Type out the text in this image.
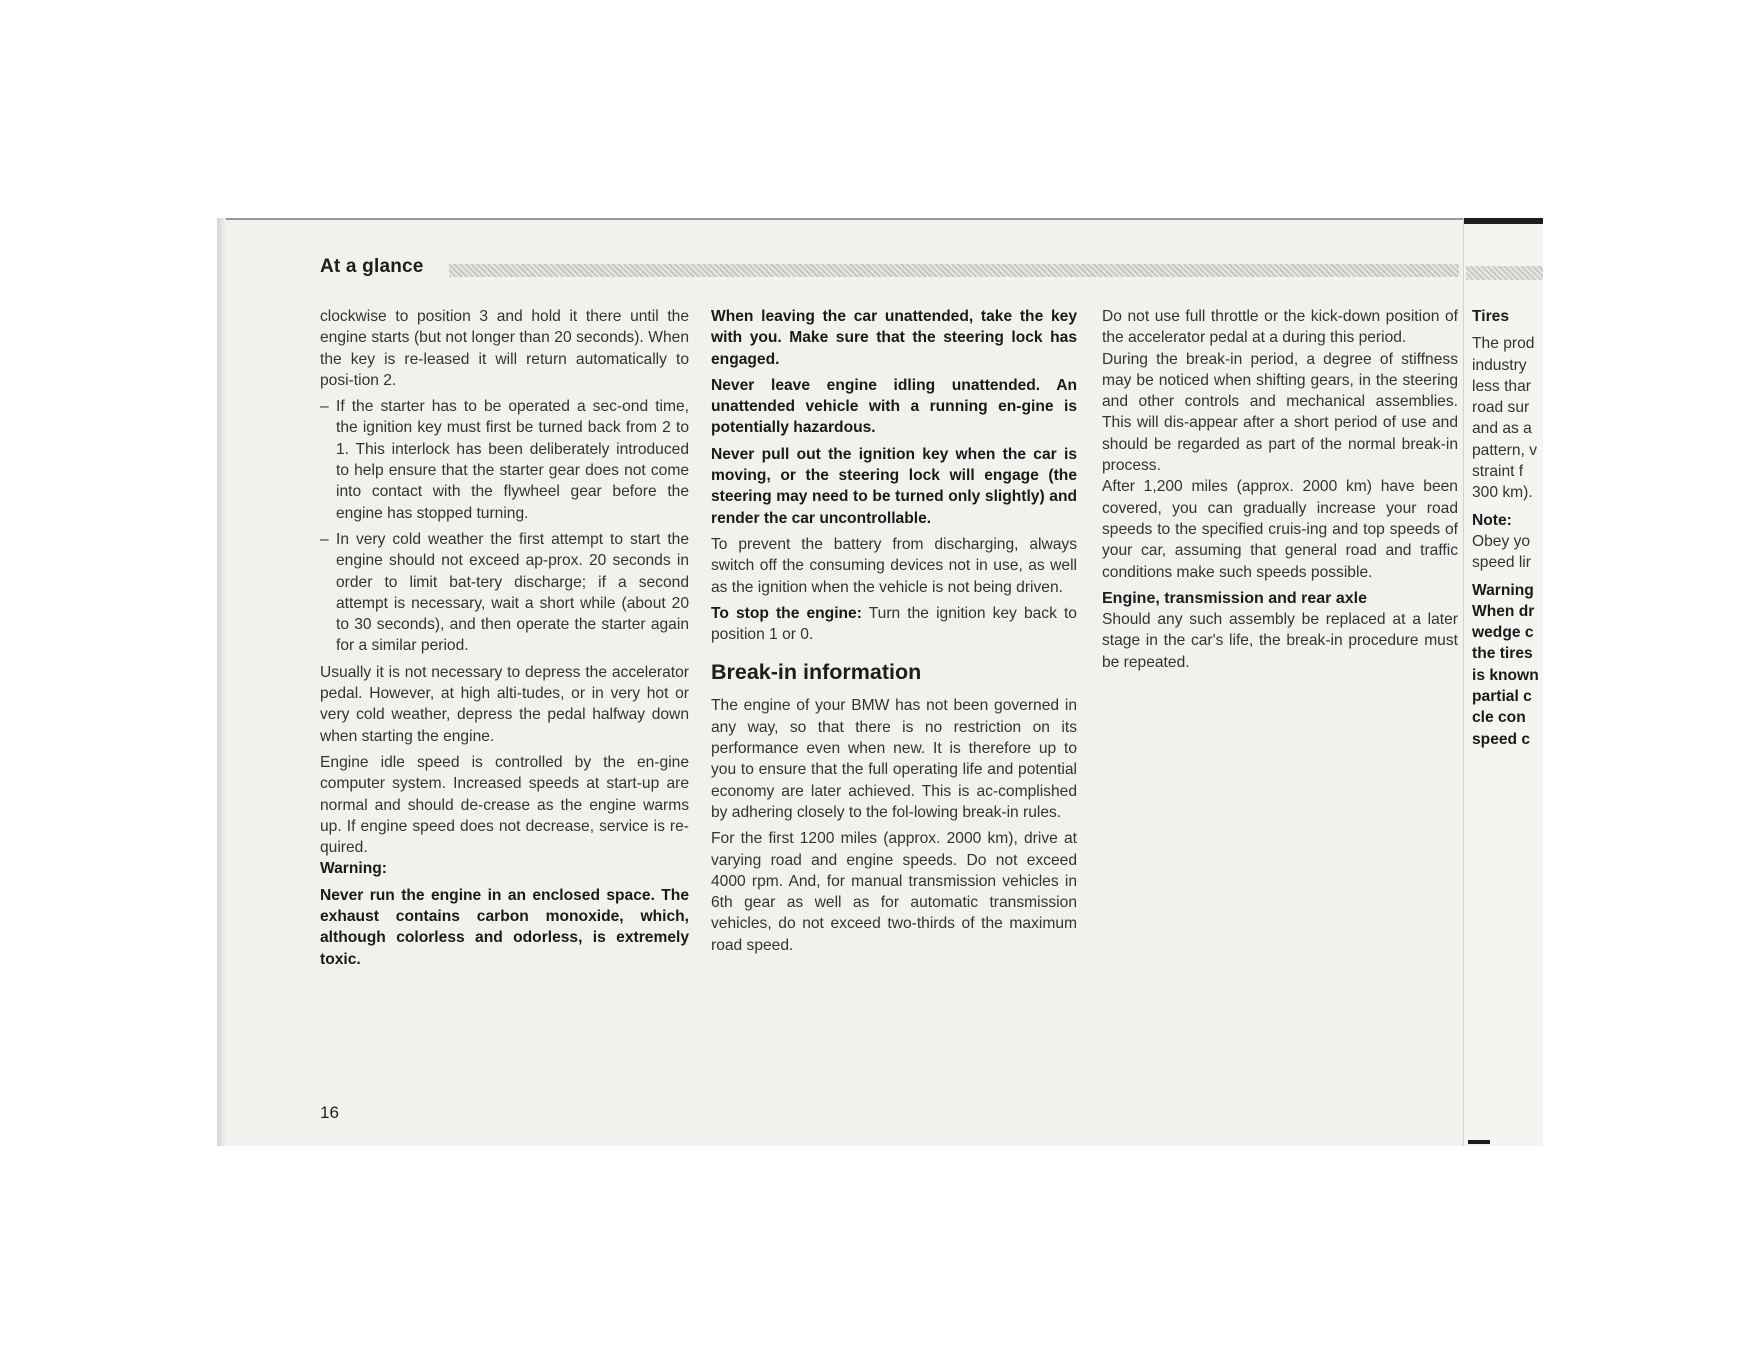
At a glance

clockwise to position 3 and hold it there until the engine starts (but not longer than 20 seconds). When the key is re-leased it will return automatically to posi-tion 2.

– If the starter has to be operated a sec-ond time, the ignition key must first be turned back from 2 to 1. This interlock has been deliberately introduced to help ensure that the starter gear does not come into contact with the flywheel gear before the engine has stopped turning.
– In very cold weather the first attempt to start the engine should not exceed ap-prox. 20 seconds in order to limit bat-tery discharge; if a second attempt is necessary, wait a short while (about 20 to 30 seconds), and then operate the starter again for a similar period.

Usually it is not necessary to depress the accelerator pedal. However, at high alti-tudes, or in very hot or very cold weather, depress the pedal halfway down when starting the engine.

Engine idle speed is controlled by the en-gine computer system. Increased speeds at start-up are normal and should de-crease as the engine warms up. If engine speed does not decrease, service is re-quired.

Warning:

Never run the engine in an enclosed space. The exhaust contains carbon monoxide, which, although colorless and odorless, is extremely toxic.

When leaving the car unattended, take the key with you. Make sure that the steering lock has engaged.

Never leave engine idling unattended. An unattended vehicle with a running en-gine is potentially hazardous.

Never pull out the ignition key when the car is moving, or the steering lock will engage (the steering may need to be turned only slightly) and render the car uncontrollable.

To prevent the battery from discharging, always switch off the consuming devices not in use, as well as the ignition when the vehicle is not being driven.

To stop the engine: Turn the ignition key back to position 1 or 0.

Break-in information

The engine of your BMW has not been governed in any way, so that there is no restriction on its performance even when new. It is therefore up to you to ensure that the full operating life and potential economy are later achieved. This is ac-complished by adhering closely to the fol-lowing break-in rules.

For the first 1200 miles (approx. 2000 km), drive at varying road and engine speeds. Do not exceed 4000 rpm. And, for manual transmission vehicles in 6th gear as well as for automatic transmission vehicles, do not exceed two-thirds of the maximum road speed.

Do not use full throttle or the kick-down position of the accelerator pedal at a during this period.

During the break-in period, a degree of stiffness may be noticed when shifting gears, in the steering and other controls and mechanical assemblies. This will dis-appear after a short period of use and should be regarded as part of the normal break-in process.

After 1,200 miles (approx. 2000 km) have been covered, you can gradually increase your road speeds to the specified cruis-ing and top speeds of your car, assuming that general road and traffic conditions make such speeds possible.

Engine, transmission and rear axle

Should any such assembly be replaced at a later stage in the car's life, the break-in procedure must be repeated.

Tires

The prod

industry

less thar

road sur

and as a

pattern, v

straint f

300 km).

Note:

Obey yo

speed lir

Warning

When dr

wedge c

the tires

is known

partial c

cle con

speed c

16
